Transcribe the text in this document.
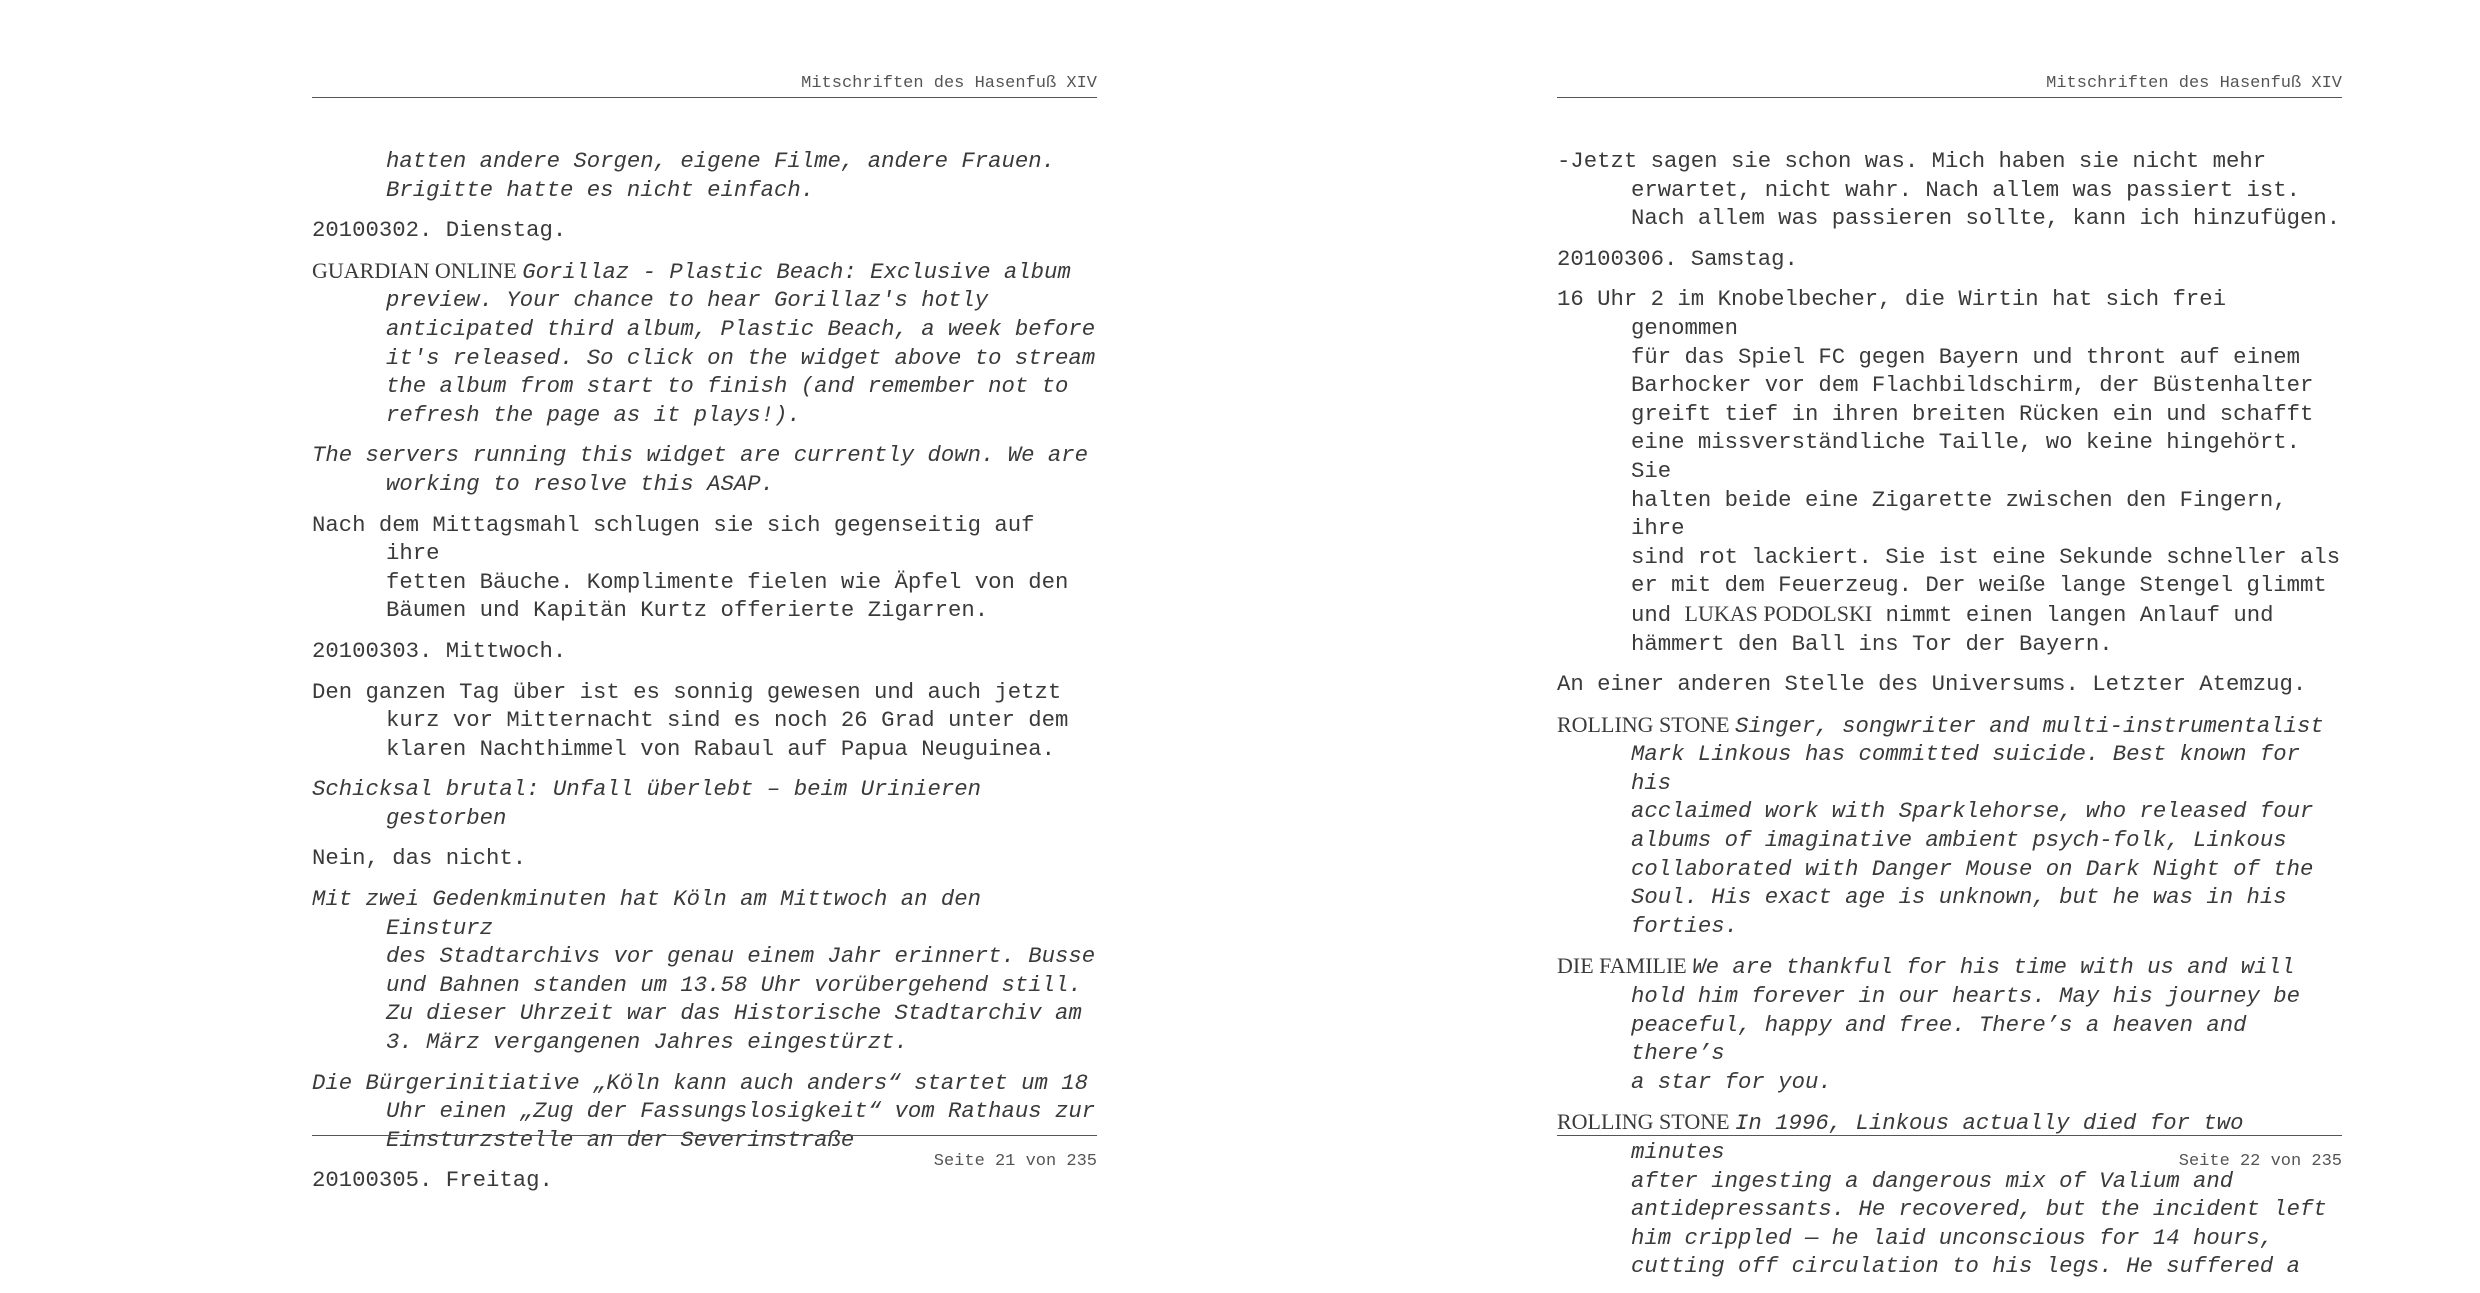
Mitschriften des Hasenfuß XIV

hatten andere Sorgen, eigene Filme, andere Frauen.
Brigitte hatte es nicht einfach.

20100302. Dienstag.

GUARDIAN ONLINE Gorillaz - Plastic Beach: Exclusive album
preview. Your chance to hear Gorillaz's hotly
anticipated third album, Plastic Beach, a week before
it's released. So click on the widget above to stream
the album from start to finish (and remember not to
refresh the page as it plays!).

The servers running this widget are currently down. We are
working to resolve this ASAP.

Nach dem Mittagsmahl schlugen sie sich gegenseitig auf ihre
fetten Bäuche. Komplimente fielen wie Äpfel von den
Bäumen und Kapitän Kurtz offerierte Zigarren.

20100303. Mittwoch.

Den ganzen Tag über ist es sonnig gewesen und auch jetzt
kurz vor Mitternacht sind es noch 26 Grad unter dem
klaren Nachthimmel von Rabaul auf Papua Neuguinea.

Schicksal brutal: Unfall überlebt – beim Urinieren gestorben

Nein, das nicht.

Mit zwei Gedenkminuten hat Köln am Mittwoch an den Einsturz
des Stadtarchivs vor genau einem Jahr erinnert. Busse
und Bahnen standen um 13.58 Uhr vorübergehend still.
Zu dieser Uhrzeit war das Historische Stadtarchiv am
3. März vergangenen Jahres eingestürzt.

Die Bürgerinitiative „Köln kann auch anders“ startet um 18
Uhr einen „Zug der Fassungslosigkeit“ vom Rathaus zur
Einsturzstelle an der Severinstraße

20100305. Freitag.

Seite 21 von 235
Mitschriften des Hasenfuß XIV

-Jetzt sagen sie schon was. Mich haben sie nicht mehr
erwartet, nicht wahr. Nach allem was passiert ist.
Nach allem was passieren sollte, kann ich hinzufügen.

20100306. Samstag.

16 Uhr 2 im Knobelbecher, die Wirtin hat sich frei genommen
für das Spiel FC gegen Bayern und thront auf einem
Barhocker vor dem Flachbildschirm, der Büstenhalter
greift tief in ihren breiten Rücken ein und schafft
eine missverständliche Taille, wo keine hingehört. Sie
halten beide eine Zigarette zwischen den Fingern, ihre
sind rot lackiert. Sie ist eine Sekunde schneller als
er mit dem Feuerzeug. Der weiße lange Stengel glimmt
und LUKAS PODOLSKI nimmt einen langen Anlauf und
hämmert den Ball ins Tor der Bayern.

An einer anderen Stelle des Universums. Letzter Atemzug.

ROLLING STONE Singer, songwriter and multi-instrumentalist
Mark Linkous has committed suicide. Best known for his
acclaimed work with Sparklehorse, who released four
albums of imaginative ambient psych-folk, Linkous
collaborated with Danger Mouse on Dark Night of the
Soul. His exact age is unknown, but he was in his
forties.

DIE FAMILIE We are thankful for his time with us and will
hold him forever in our hearts. May his journey be
peaceful, happy and free. There’s a heaven and there’s
a star for you.

ROLLING STONE In 1996, Linkous actually died for two minutes
after ingesting a dangerous mix of Valium and
antidepressants. He recovered, but the incident left
him crippled — he laid unconscious for 14 hours,
cutting off circulation to his legs. He suffered a

Seite 22 von 235
